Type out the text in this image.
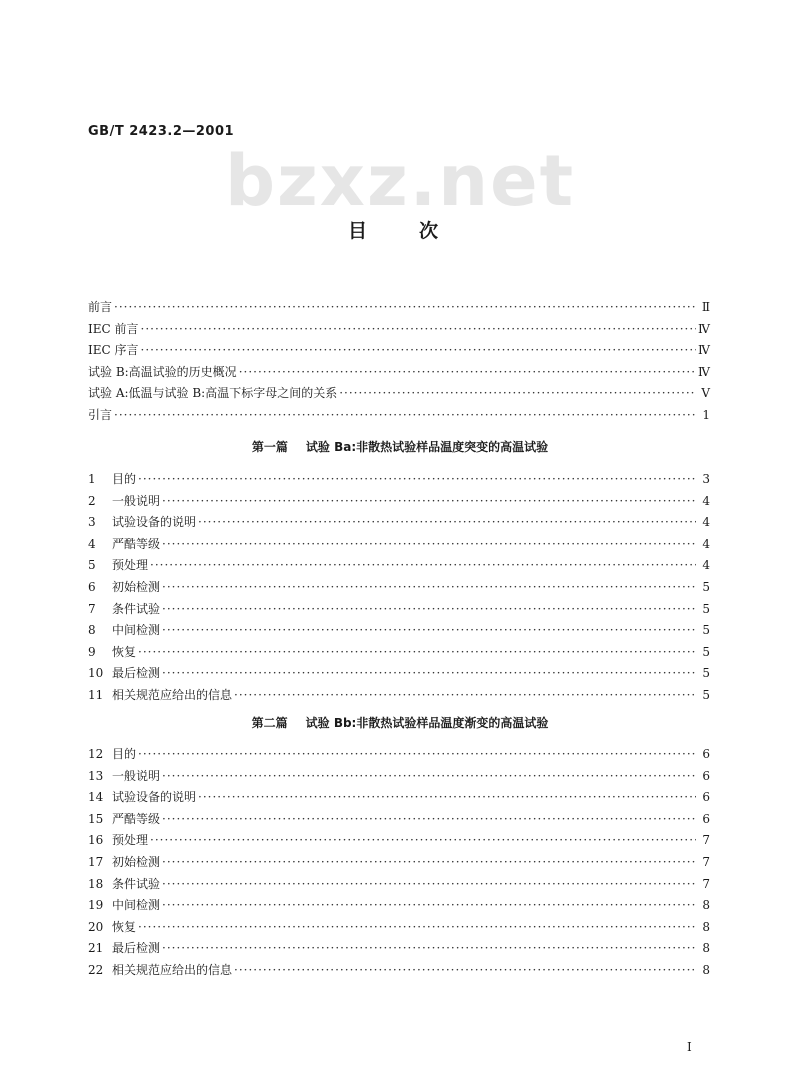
bzxz.net
GB/T 2423.2—2001
目	次
前言 ·····	Ⅱ
IEC 前言 ·····	Ⅳ
IEC 序言 ·····	Ⅳ
试验 B:高温试验的历史概况 ·····	Ⅳ
试验 A:低温与试验 B:高温下标字母之间的关系 ·····	Ⅴ
引言 ·····	1
第一篇 试验 Ba:非散热试验样品温度突变的高温试验
1	目的 ·····	3
2	一般说明 ·····	4
3	试验设备的说明 ·····	4
4	严酷等级 ·····	4
5	预处理 ·····	4
6	初始检测 ·····	5
7	条件试验 ·····	5
8	中间检测 ·····	5
9	恢复 ·····	5
10 最后检测 ·····	5
11 相关规范应给出的信息 ·····	5
第二篇 试验 Bb:非散热试验样品温度渐变的高温试验
12 目的 ·····	6
13 一般说明 ·····	6
14 试验设备的说明 ·····	6
15 严酷等级 ·····	6
16 预处理 ·····	7
17 初始检测 ·····	7
18 条件试验 ·····	7
19 中间检测 ·····	8
20 恢复 ·····	8
21 最后检测 ·····	8
22 相关规范应给出的信息 ·····	8
I
